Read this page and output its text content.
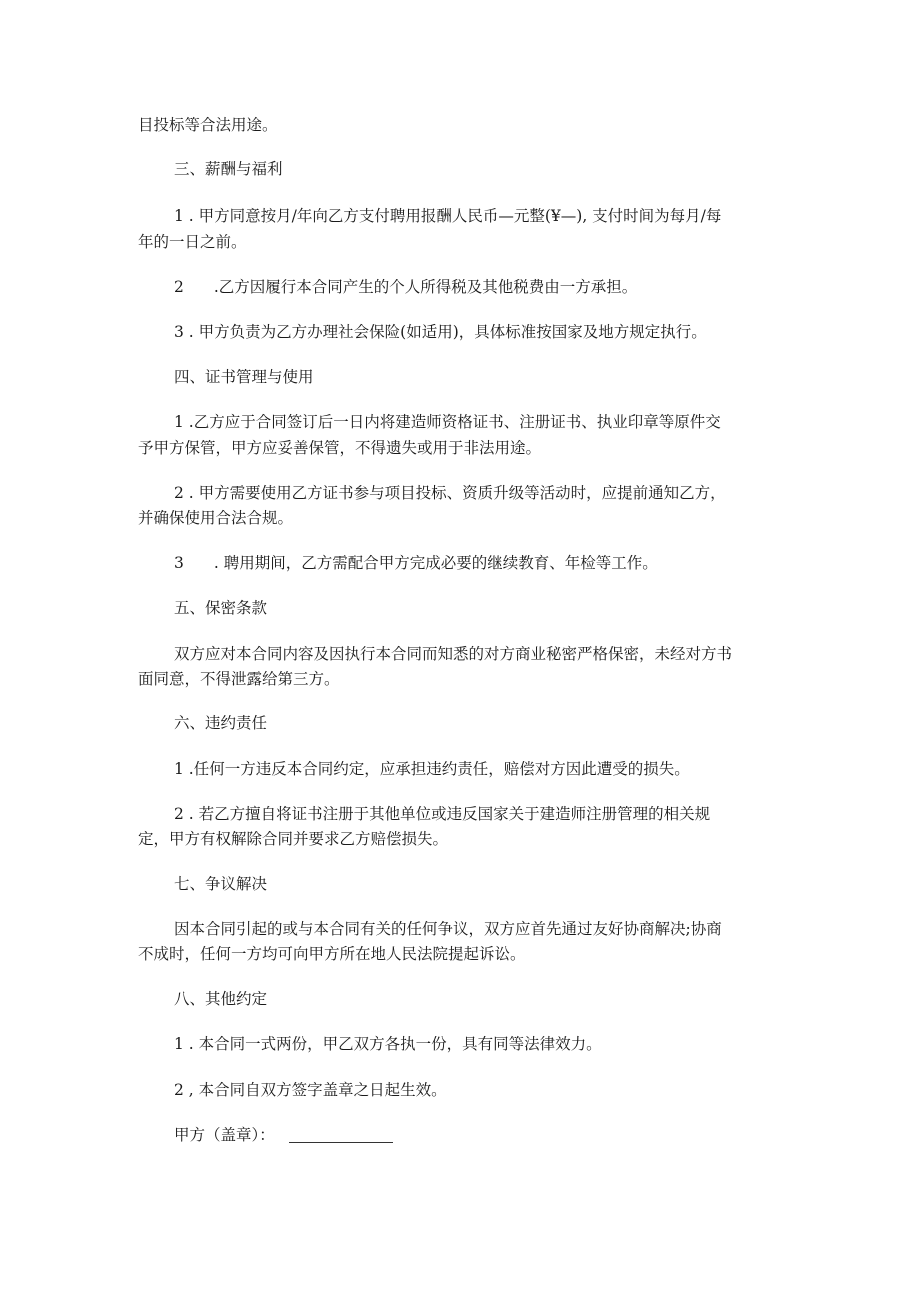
目投标等合法用途。
三、薪酬与福利
1 . 甲方同意按月/年向乙方支付聘用报酬人民币—元整(¥—), 支付时间为每月/每
年的一日之前。
2 .乙方因履行本合同产生的个人所得税及其他税费由一方承担。
3 . 甲方负责为乙方办理社会保险(如适用)，具体标准按国家及地方规定执行。
四、证书管理与使用
1 .乙方应于合同签订后一日内将建造师资格证书、注册证书、执业印章等原件交
予甲方保管，甲方应妥善保管，不得遗失或用于非法用途。
2 . 甲方需要使用乙方证书参与项目投标、资质升级等活动时，应提前通知乙方，
并确保使用合法合规。
3 . 聘用期间，乙方需配合甲方完成必要的继续教育、年检等工作。
五、保密条款
双方应对本合同内容及因执行本合同而知悉的对方商业秘密严格保密，未经对方书
面同意，不得泄露给第三方。
六、违约责任
1 .任何一方违反本合同约定，应承担违约责任，赔偿对方因此遭受的损失。
2 . 若乙方擅自将证书注册于其他单位或违反国家关于建造师注册管理的相关规
定，甲方有权解除合同并要求乙方赔偿损失。
七、争议解决
因本合同引起的或与本合同有关的任何争议，双方应首先通过友好协商解决;协商
不成时，任何一方均可向甲方所在地人民法院提起诉讼。
八、其他约定
1 . 本合同一式两份，甲乙双方各执一份，具有同等法律效力。
2 , 本合同自双方签字盖章之日起生效。
甲方（盖章）：
